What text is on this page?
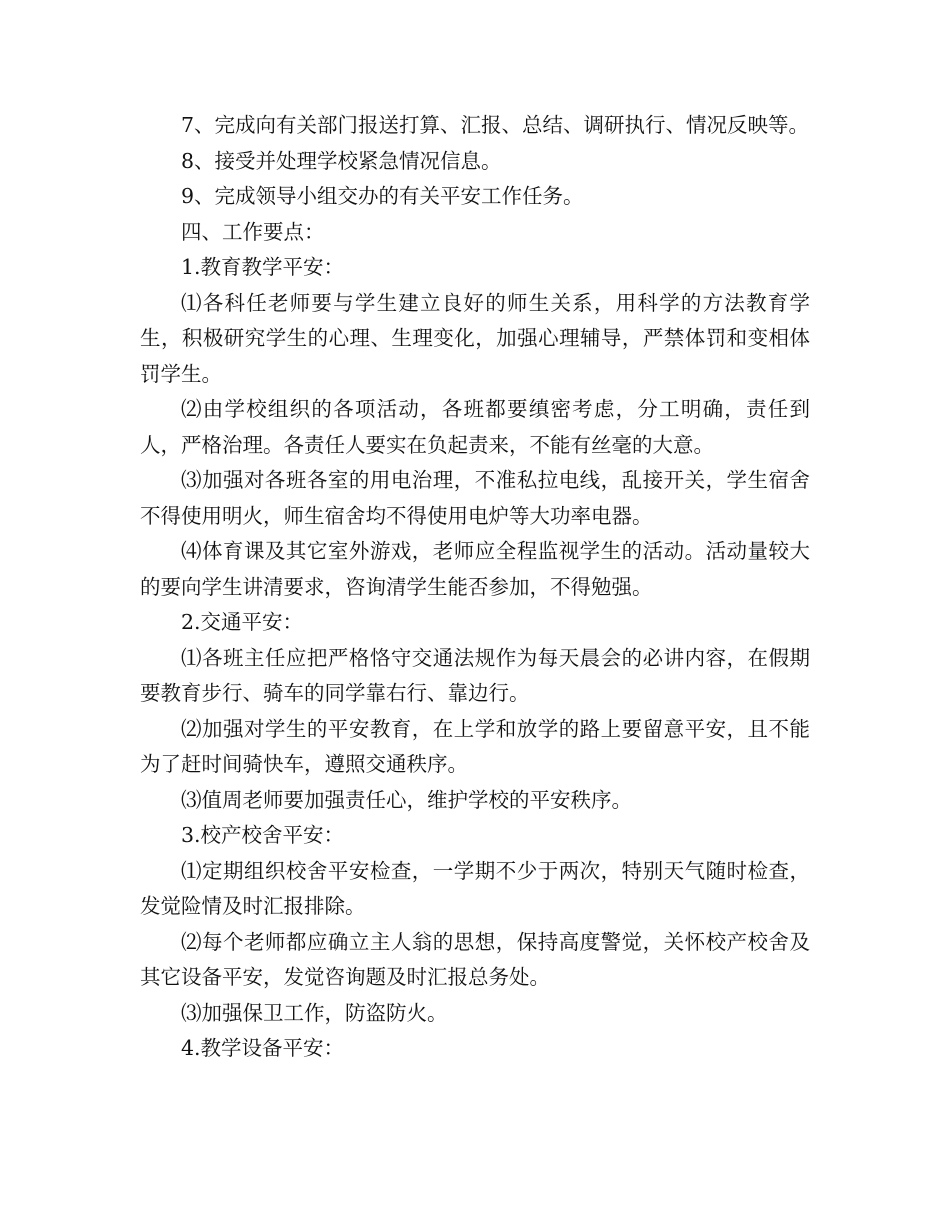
7、完成向有关部门报送打算、汇报、总结、调研执行、情况反映等。

8、接受并处理学校紧急情况信息。

9、完成领导小组交办的有关平安工作任务。

四、工作要点：

1.教育教学平安：

⑴各科任老师要与学生建立良好的师生关系，用科学的方法教育学生，积极研究学生的心理、生理变化，加强心理辅导，严禁体罚和变相体罚学生。

⑵由学校组织的各项活动，各班都要缜密考虑，分工明确，责任到人，严格治理。各责任人要实在负起责来，不能有丝毫的大意。

⑶加强对各班各室的用电治理，不准私拉电线，乱接开关，学生宿舍不得使用明火，师生宿舍均不得使用电炉等大功率电器。

⑷体育课及其它室外游戏，老师应全程监视学生的活动。活动量较大的要向学生讲清要求，咨询清学生能否参加，不得勉强。

2.交通平安：

⑴各班主任应把严格恪守交通法规作为每天晨会的必讲内容，在假期要教育步行、骑车的同学靠右行、靠边行。

⑵加强对学生的平安教育，在上学和放学的路上要留意平安，且不能为了赶时间骑快车，遵照交通秩序。

⑶值周老师要加强责任心，维护学校的平安秩序。

3.校产校舍平安：

⑴定期组织校舍平安检查，一学期不少于两次，特别天气随时检查，发觉险情及时汇报排除。

⑵每个老师都应确立主人翁的思想，保持高度警觉，关怀校产校舍及其它设备平安，发觉咨询题及时汇报总务处。

⑶加强保卫工作，防盗防火。

4.教学设备平安：
